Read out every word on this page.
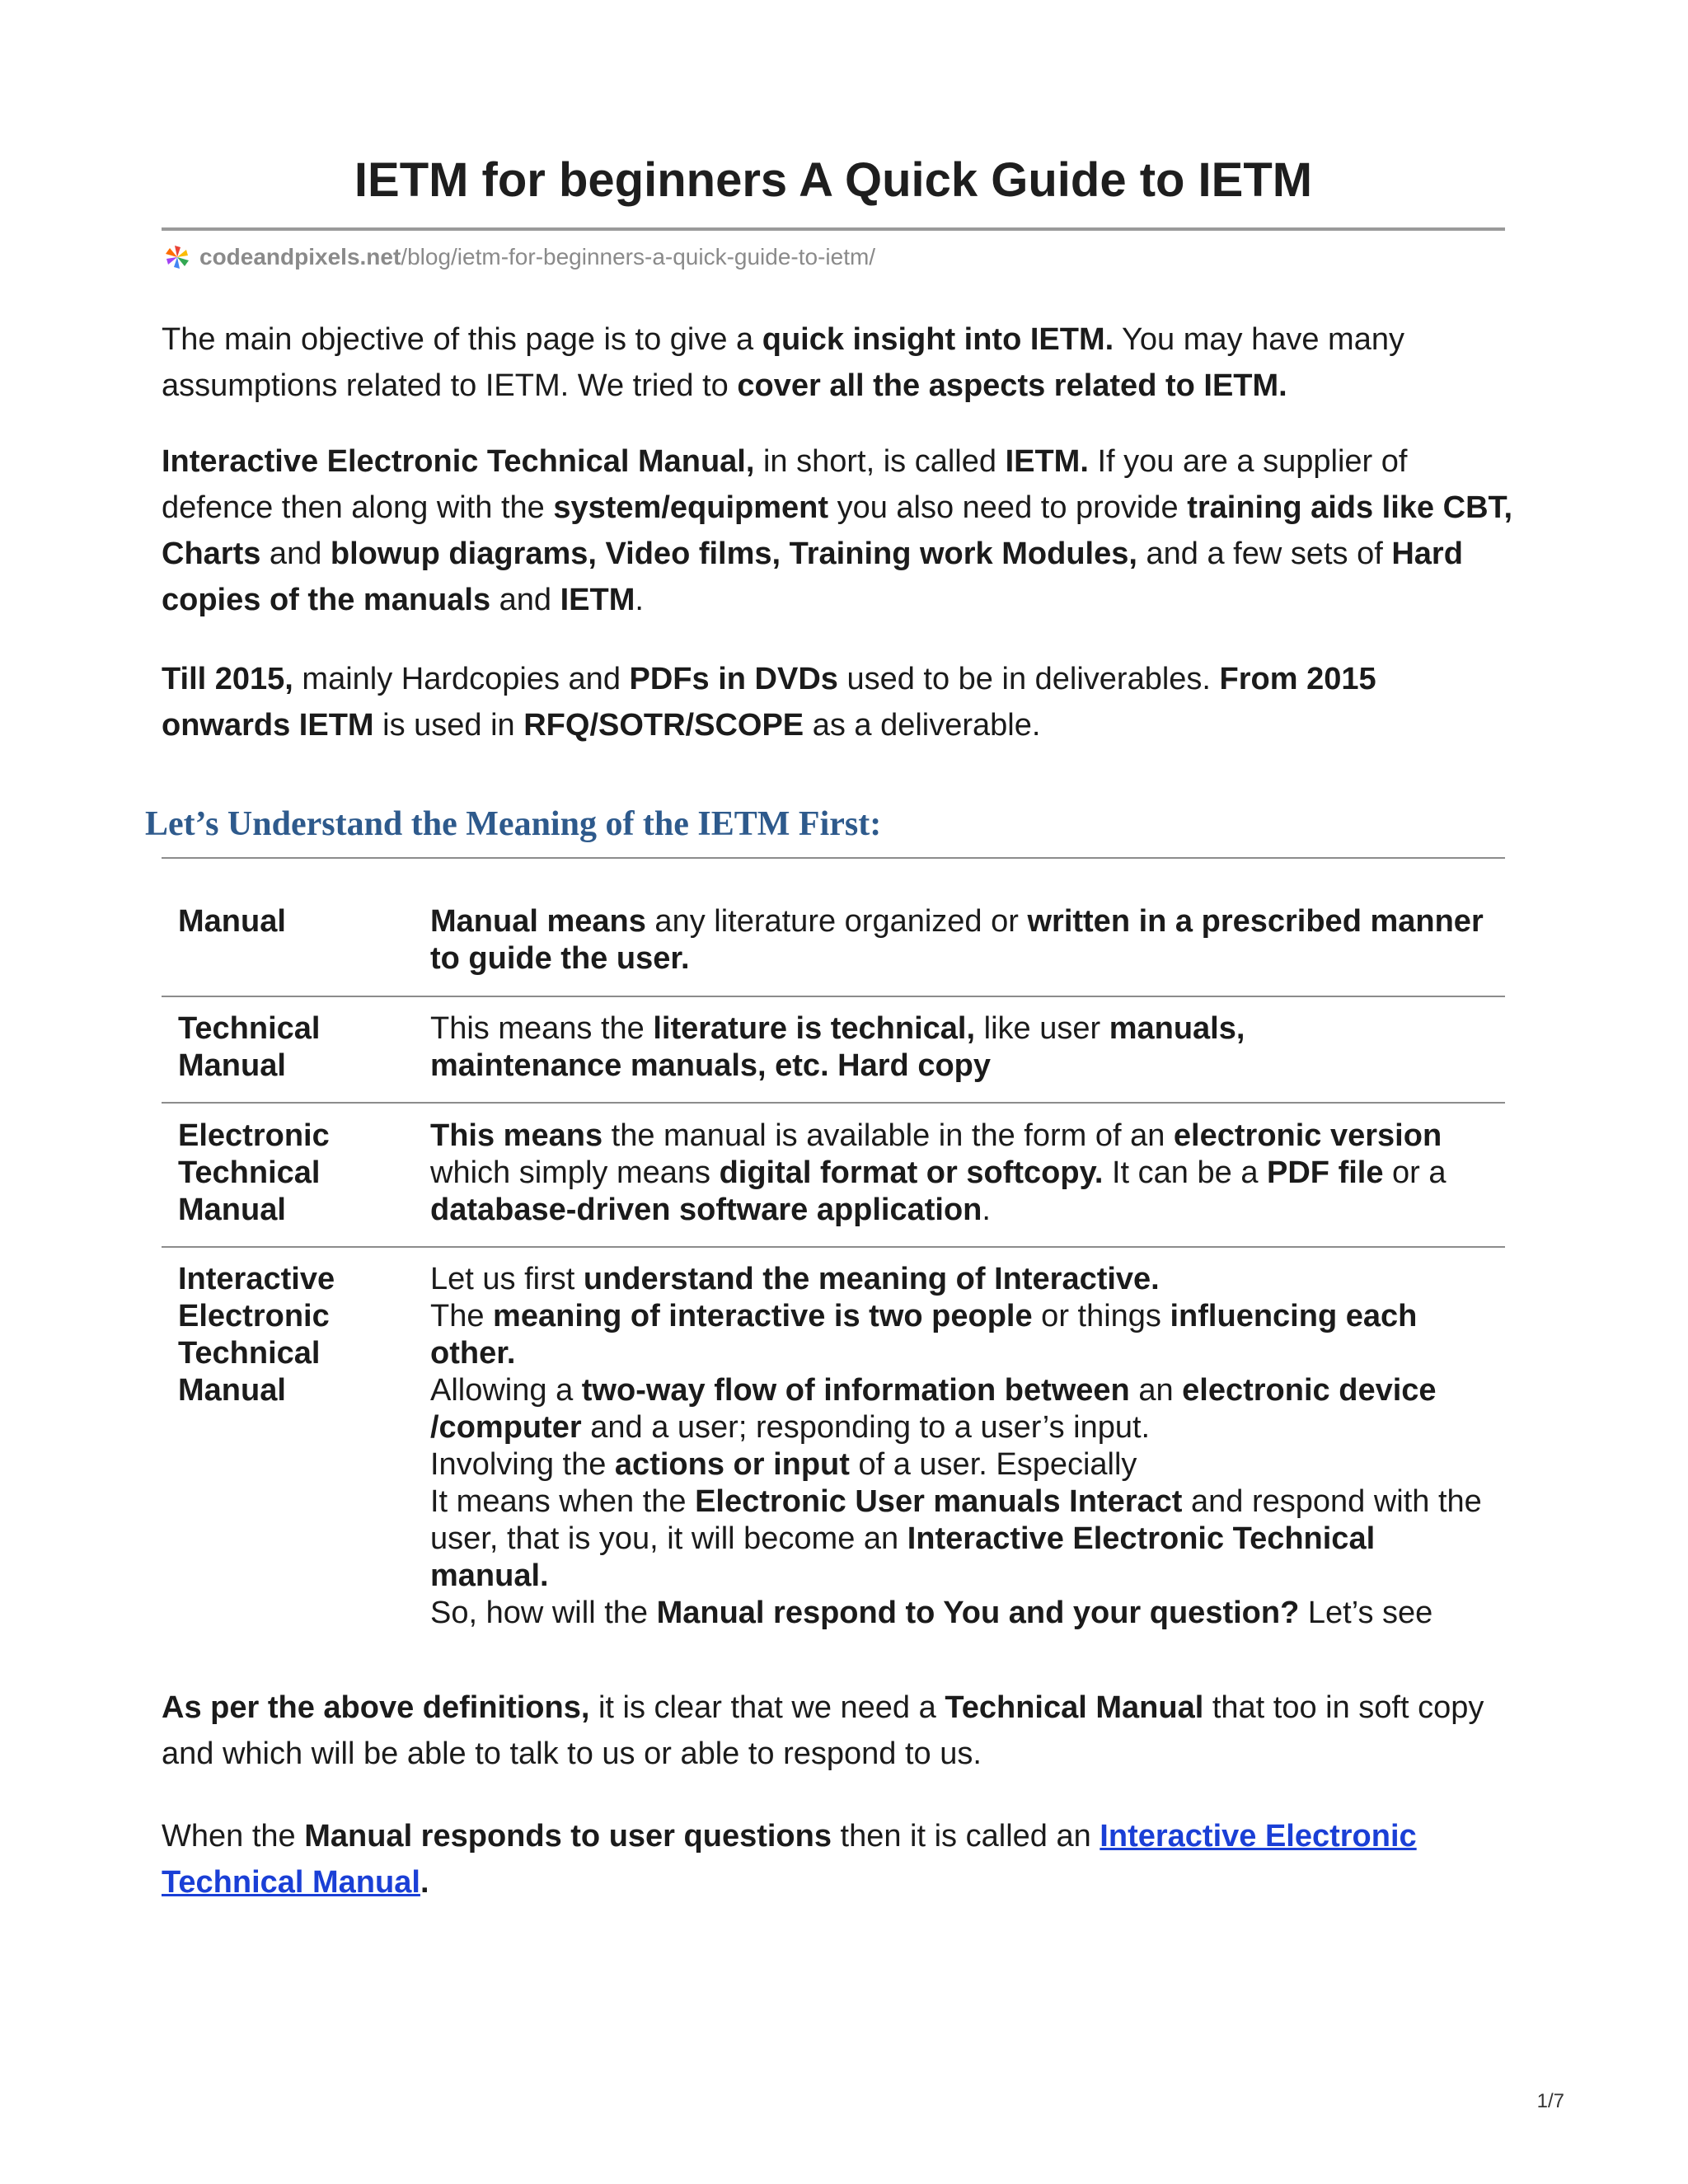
IETM for beginners A Quick Guide to IETM
codeandpixels.net /blog/ietm-for-beginners-a-quick-guide-to-ietm/
The main objective of this page is to give a quick insight into IETM. You may have many assumptions related to IETM. We tried to cover all the aspects related to IETM.
Interactive Electronic Technical Manual, in short, is called IETM. If you are a supplier of defence then along with the system/equipment you also need to provide training aids like CBT, Charts and blowup diagrams, Video films, Training work Modules, and a few sets of Hard copies of the manuals and IETM.
Till 2015, mainly Hardcopies and PDFs in DVDs used to be in deliverables. From 2015 onwards IETM is used in RFQ/SOTR/SCOPE as a deliverable.
Let’s Understand the Meaning of the IETM First:
Manual	Manual means any literature organized or written in a prescribed manner to guide the user.
Technical Manual
This means the literature is technical, like user manuals, maintenance manuals, etc. Hard copy
Electronic Technical Manual
This means the manual is available in the form of an electronic version which simply means digital format or softcopy. It can be a PDF file or a database-driven software application.
Interactive Electronic Technical Manual
Let us first understand the meaning of Interactive.
The meaning of interactive is two people or things influencing each other.
Allowing a two-way flow of information between an electronic device /computer and a user; responding to a user’s input.
Involving the actions or input of a user. Especially
It means when the Electronic User manuals Interact and respond with the user, that is you, it will become an Interactive Electronic Technical manual.
So, how will the Manual respond to You and your question? Let’s see
As per the above definitions, it is clear that we need a Technical Manual that too in soft copy and which will be able to talk to us or able to respond to us.
When the Manual responds to user questions then it is called an Interactive Electronic Technical Manual.
1/7
